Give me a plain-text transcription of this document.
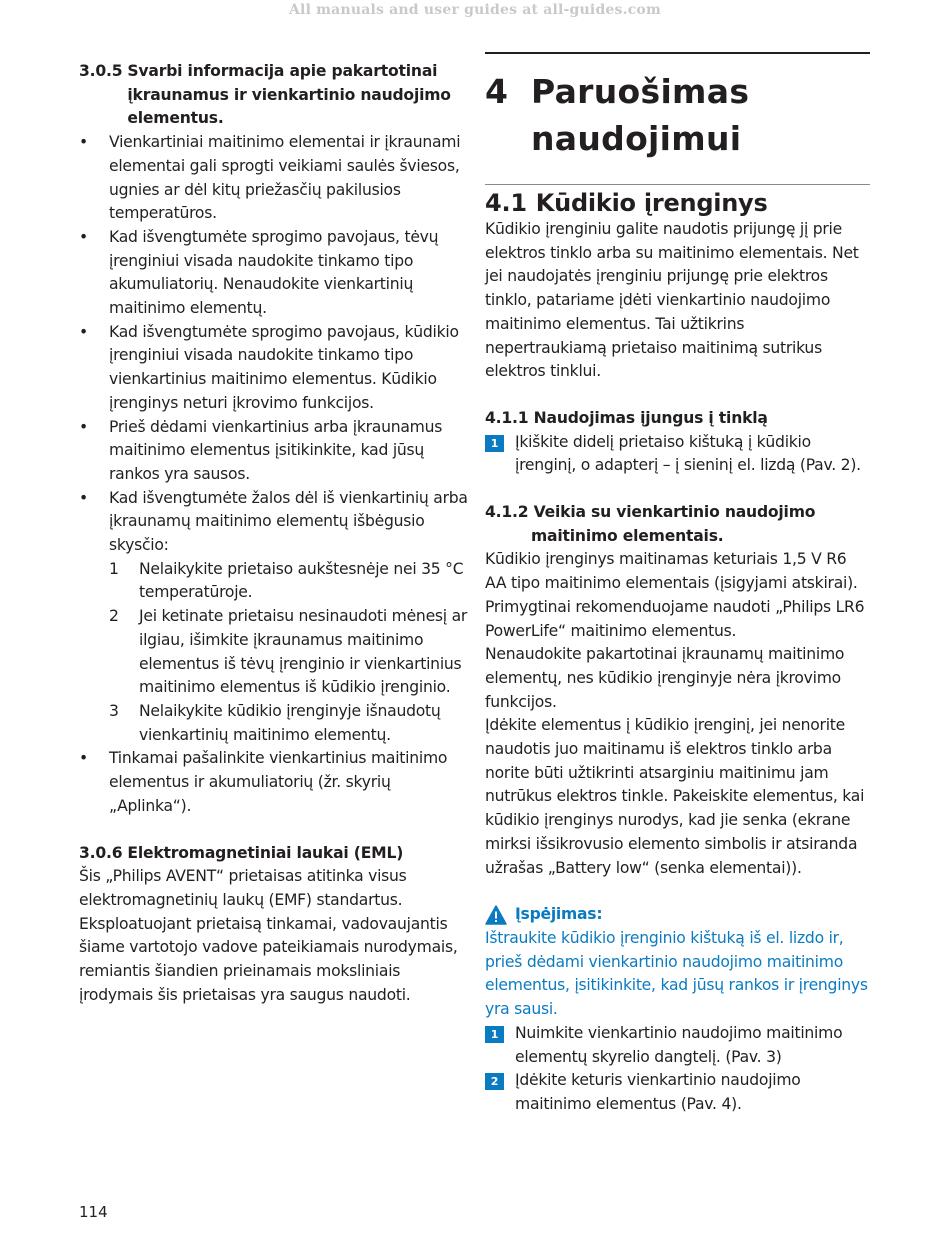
All manuals and user guides at all-guides.com
3.0.5 Svarbi informacija apie pakartotinai įkraunamus ir vienkartinio naudojimo elementus.
• Vienkartiniai maitinimo elementai ir įkraunami elementai gali sprogti veikiami saulės šviesos, ugnies ar dėl kitų priežasčių pakilusios temperatūros.
• Kad išvengtumėte sprogimo pavojaus, tėvų įrenginiui visada naudokite tinkamo tipo akumuliatorių. Nenaudokite vienkartinių maitinimo elementų.
• Kad išvengtumėte sprogimo pavojaus, kūdikio įrenginiui visada naudokite tinkamo tipo vienkartinius maitinimo elementus. Kūdikio įrenginys neturi įkrovimo funkcijos.
• Prieš dėdami vienkartinius arba įkraunamus maitinimo elementus įsitikinkite, kad jūsų rankos yra sausos.
• Kad išvengtumėte žalos dėl iš vienkartinių arba įkraunamų maitinimo elementų išbėgusio skysčio:
1 Nelaikykite prietaiso aukštesnėje nei 35 °C temperatūroje.
2 Jei ketinate prietaisu nesinaudoti mėnesį ar ilgiau, išimkite įkraunamus maitinimo elementus iš tėvų įrenginio ir vienkartinius maitinimo elementus iš kūdikio įrenginio.
3 Nelaikykite kūdikio įrenginyje išnaudotų vienkartinių maitinimo elementų.
• Tinkamai pašalinkite vienkartinius maitinimo elementus ir akumuliatorių (žr. skyrių „Aplinka“).
3.0.6 Elektromagnetiniai laukai (EML)
Šis „Philips AVENT“ prietaisas atitinka visus elektromagnetinių laukų (EMF) standartus. Eksploatuojant prietaisą tinkamai, vadovaujantis šiame vartotojo vadove pateikiamais nurodymais, remiantis šiandien prieinamais moksliniais įrodymais šis prietaisas yra saugus naudoti.
4 Paruošimas naudojimui
4.1 Kūdikio įrenginys
Kūdikio įrenginiu galite naudotis prijungę jį prie elektros tinklo arba su maitinimo elementais. Net jei naudojatės įrenginiu prijungę prie elektros tinklo, patariame įdėti vienkartinio naudojimo maitinimo elementus. Tai užtikrins nepertraukiamą prietaiso maitinimą sutrikus elektros tinklui.
4.1.1 Naudojimas įjungus į tinklą
1	Įkiškite didelį prietaiso kištuką į kūdikio įrenginį, o adapterį – į sieninį el. lizdą (Pav. 2).
4.1.2 Veikia su vienkartinio naudojimo
maitinimo elementais.
Kūdikio įrenginys maitinamas keturiais 1,5 V R6 AA tipo maitinimo elementais (įsigyjami atskirai). Primygtinai rekomenduojame naudoti „Philips LR6 PowerLife“ maitinimo elementus.
Nenaudokite pakartotinai įkraunamų maitinimo elementų, nes kūdikio įrenginyje nėra įkrovimo funkcijos.
Įdėkite elementus į kūdikio įrenginį, jei nenorite naudotis juo maitinamu iš elektros tinklo arba norite būti užtikrinti atsarginiu maitinimu jam nutrūkus elektros tinkle. Pakeiskite elementus, kai kūdikio įrenginys nurodys, kad jie senka (ekrane mirksi išsikrovusio elemento simbolis ir atsiranda užrašas „Battery low“ (senka elementai)).
Įspėjimas:
Ištraukite kūdikio įrenginio kištuką iš el. lizdo ir, prieš dėdami vienkartinio naudojimo maitinimo elementus, įsitikinkite, kad jūsų rankos ir įrenginys yra sausi.
1	Nuimkite vienkartinio naudojimo maitinimo elementų skyrelio dangtelį. (Pav. 3)
2	Įdėkite keturis vienkartinio naudojimo maitinimo elementus (Pav. 4).
114
